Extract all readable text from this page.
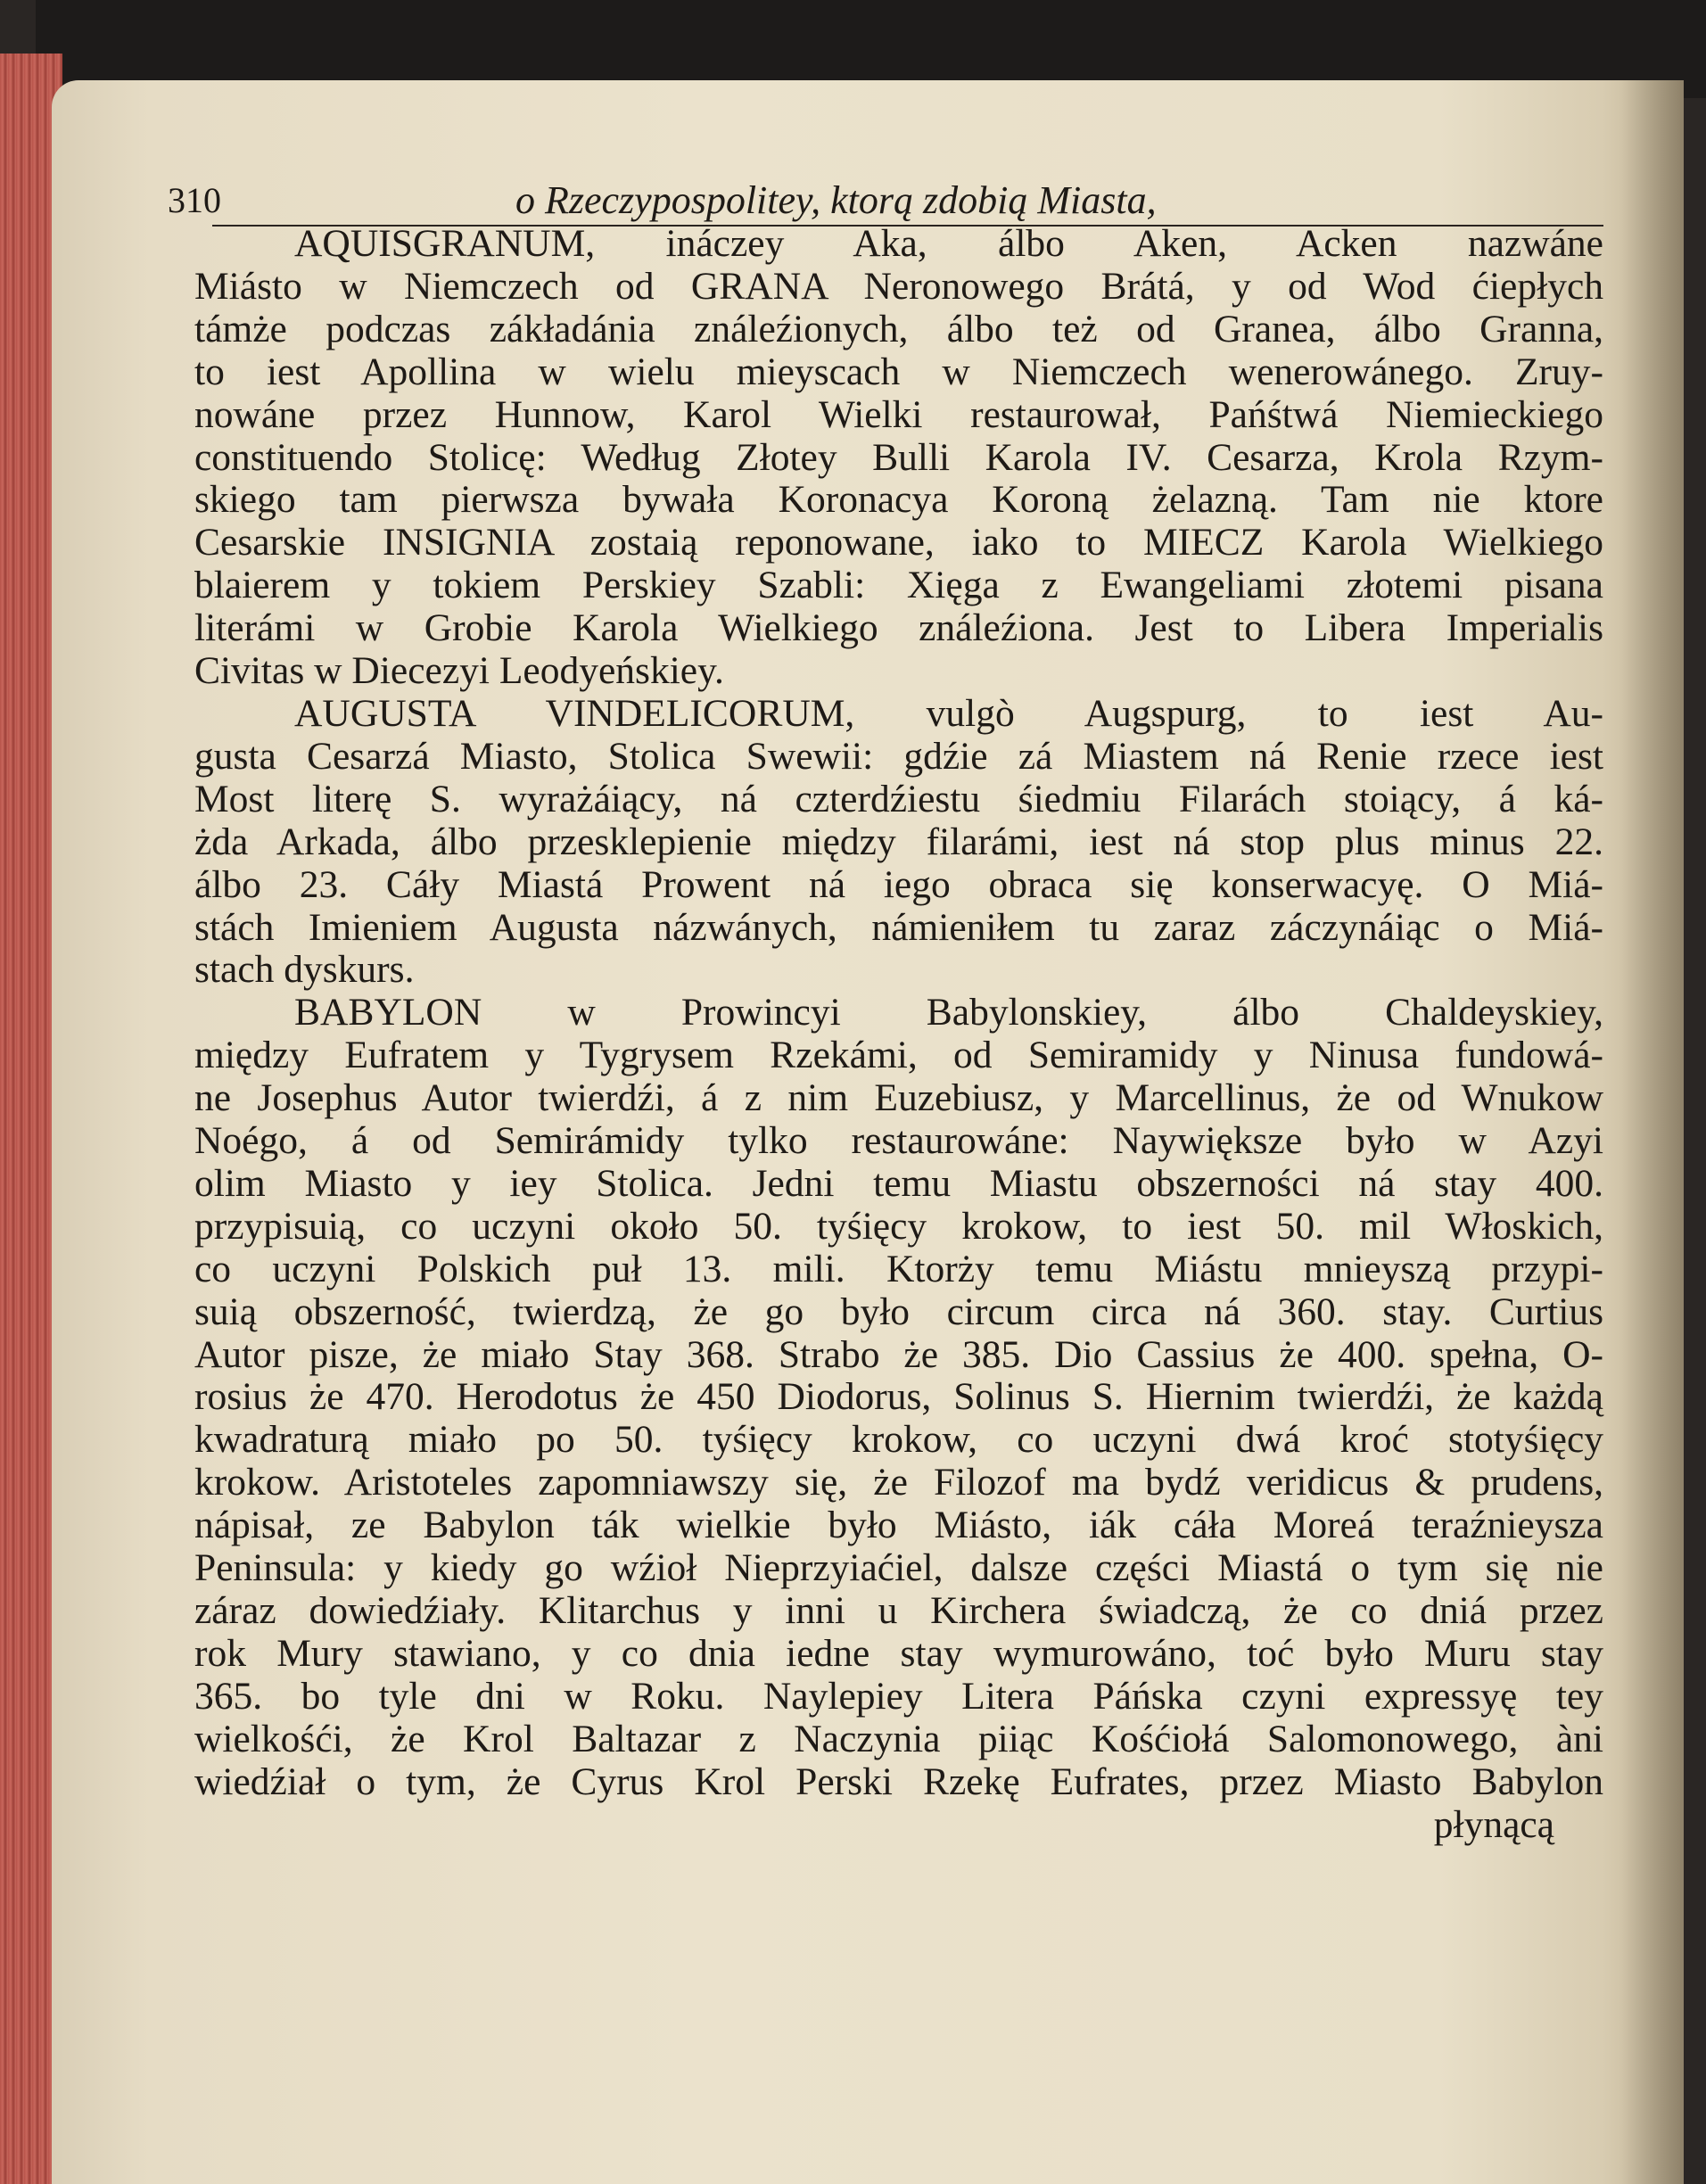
310	o Rzeczypospolitey, ktorą zdobią Miasta,
AQUISGRANUM, ináczey Aka, álbo Aken, Acken nazwáne
Miásto w Niemczech od GRANA Neronowego Brátá, y od Wod ćiepłych
támże podczas zákładánia ználeźionych, álbo też od Granea, álbo Granna,
to iest Apollina w wielu mieyscach w Niemczech wenerowánego. Zruy-
nowáne przez Hunnow, Karol Wielki restaurował, Pańśtwá Niemieckiego
constituendo Stolicę: Według Złotey Bulli Karola IV. Cesarza, Krola Rzym-
skiego tam pierwsza bywała Koronacya Koroną żelazną. Tam nie ktore
Cesarskie INSIGNIA zostaią reponowane, iako to MIECZ Karola Wielkiego
blaierem y tokiem Perskiey Szabli: Xięga z Ewangeliami złotemi pisana
literámi w Grobie Karola Wielkiego ználeźiona. Jest to Libera Imperialis
Civitas w Diecezyi Leodyeńskiey.
AUGUSTA VINDELICORUM, vulgò Augspurg, to iest Au-
gusta Cesarzá Miasto, Stolica Swewii: gdźie zá Miastem ná Renie rzece iest
Most literę S. wyrażáiący, ná czterdźiestu śiedmiu Filarách stoiący, á ká-
żda Arkada, álbo przesklepienie między filarámi, iest ná stop plus minus 22.
álbo 23. Cáły Miastá Prowent ná iego obraca się konserwacyę. O Miá-
stách Imieniem Augusta názwánych, námieniłem tu zaraz záczynáiąc o Miá-
stach dyskurs.
BABYLON w Prowincyi Babylonskiey, álbo Chaldeyskiey,
między Eufratem y Tygrysem Rzekámi, od Semiramidy y Ninusa fundowá-
ne Josephus Autor twierdźi, á z nim Euzebiusz, y Marcellinus, że od Wnukow
Noégo, á od Semirámidy tylko restaurowáne: Naywiększe było w Azyi
olim Miasto y iey Stolica. Jedni temu Miastu obszerności ná stay 400.
przypisuią, co uczyni około 50. tyśięcy krokow, to iest 50. mil Włoskich,
co uczyni Polskich puł 13. mili. Ktorży temu Miástu mnieyszą przypi-
suią obszerność, twierdzą, że go było circum circa ná 360. stay. Curtius
Autor pisze, że miało Stay 368. Strabo że 385. Dio Cassius że 400. spełna, O-
rosius że 470. Herodotus że 450 Diodorus, Solinus S. Hiernim twierdźi, że każdą
kwadraturą miało po 50. tyśięcy krokow, co uczyni dwá kroć stotyśięcy
krokow. Aristoteles zapomniawszy się, że Filozof ma bydź veridicus & prudens,
nápisał, ze Babylon ták wielkie było Miásto, iák cáła Moreá teraźnieysza
Peninsula: y kiedy go wźioł Nieprzyiaćiel, dalsze części Miastá o tym się nie
zárаz dowiedźiały. Klitarchus y inni u Kirchera świadczą, że co dniá przez
rok Mury stawiano, y co dnia iedne stay wymurowáno, toć było Muru stay
365. bo tyle dni w Roku. Naylepiey Litera Páńska czyni expressyę tey
wielkośći, że Krol Baltazar z Naczynia piiąc Kośćiołá Salomonowego, àni
wiedźiał o tym, że Cyrus Krol Perski Rzekę Eufrates, przez Miasto Babylon
płynącą
